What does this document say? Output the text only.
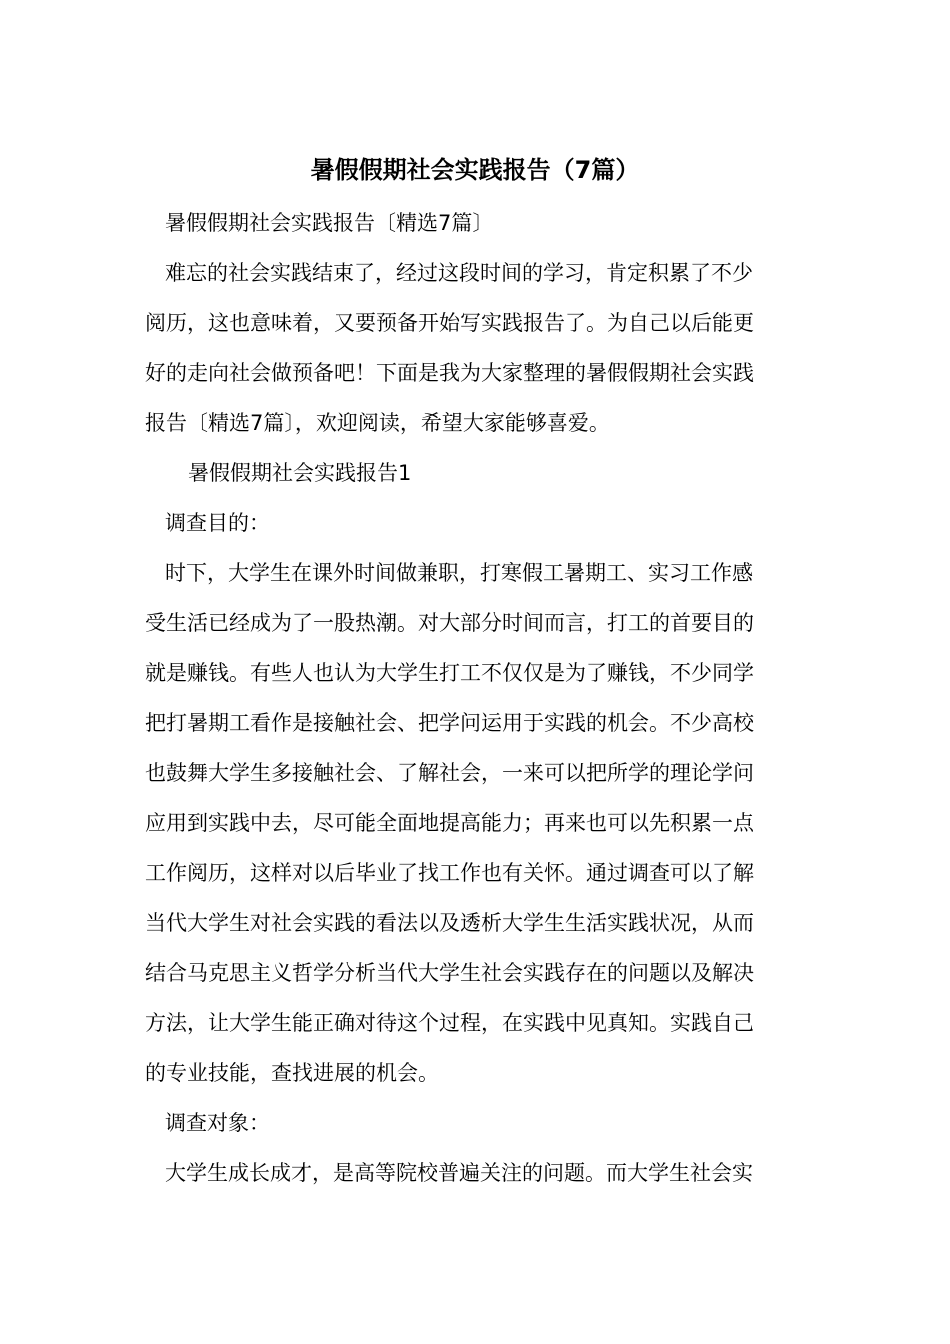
暑假假期社会实践报告（7篇）
暑假假期社会实践报告〔精选7篇〕
难忘的社会实践结束了，经过这段时间的学习，肯定积累了不少
阅历，这也意味着，又要预备开始写实践报告了。为自己以后能更
好的走向社会做预备吧！下面是我为大家整理的暑假假期社会实践
报告〔精选7篇〕，欢迎阅读，希望大家能够喜爱。
暑假假期社会实践报告1
调查目的：
时下，大学生在课外时间做兼职，打寒假工暑期工、实习工作感
受生活已经成为了一股热潮。对大部分时间而言，打工的首要目的
就是赚钱。有些人也认为大学生打工不仅仅是为了赚钱，不少同学
把打暑期工看作是接触社会、把学问运用于实践的机会。不少高校
也鼓舞大学生多接触社会、了解社会，一来可以把所学的理论学问
应用到实践中去，尽可能全面地提高能力；再来也可以先积累一点
工作阅历，这样对以后毕业了找工作也有关怀。通过调查可以了解
当代大学生对社会实践的看法以及透析大学生生活实践状况，从而
结合马克思主义哲学分析当代大学生社会实践存在的问题以及解决
方法，让大学生能正确对待这个过程，在实践中见真知。实践自己
的专业技能，查找进展的机会。
调查对象：
大学生成长成才，是高等院校普遍关注的问题。而大学生社会实
